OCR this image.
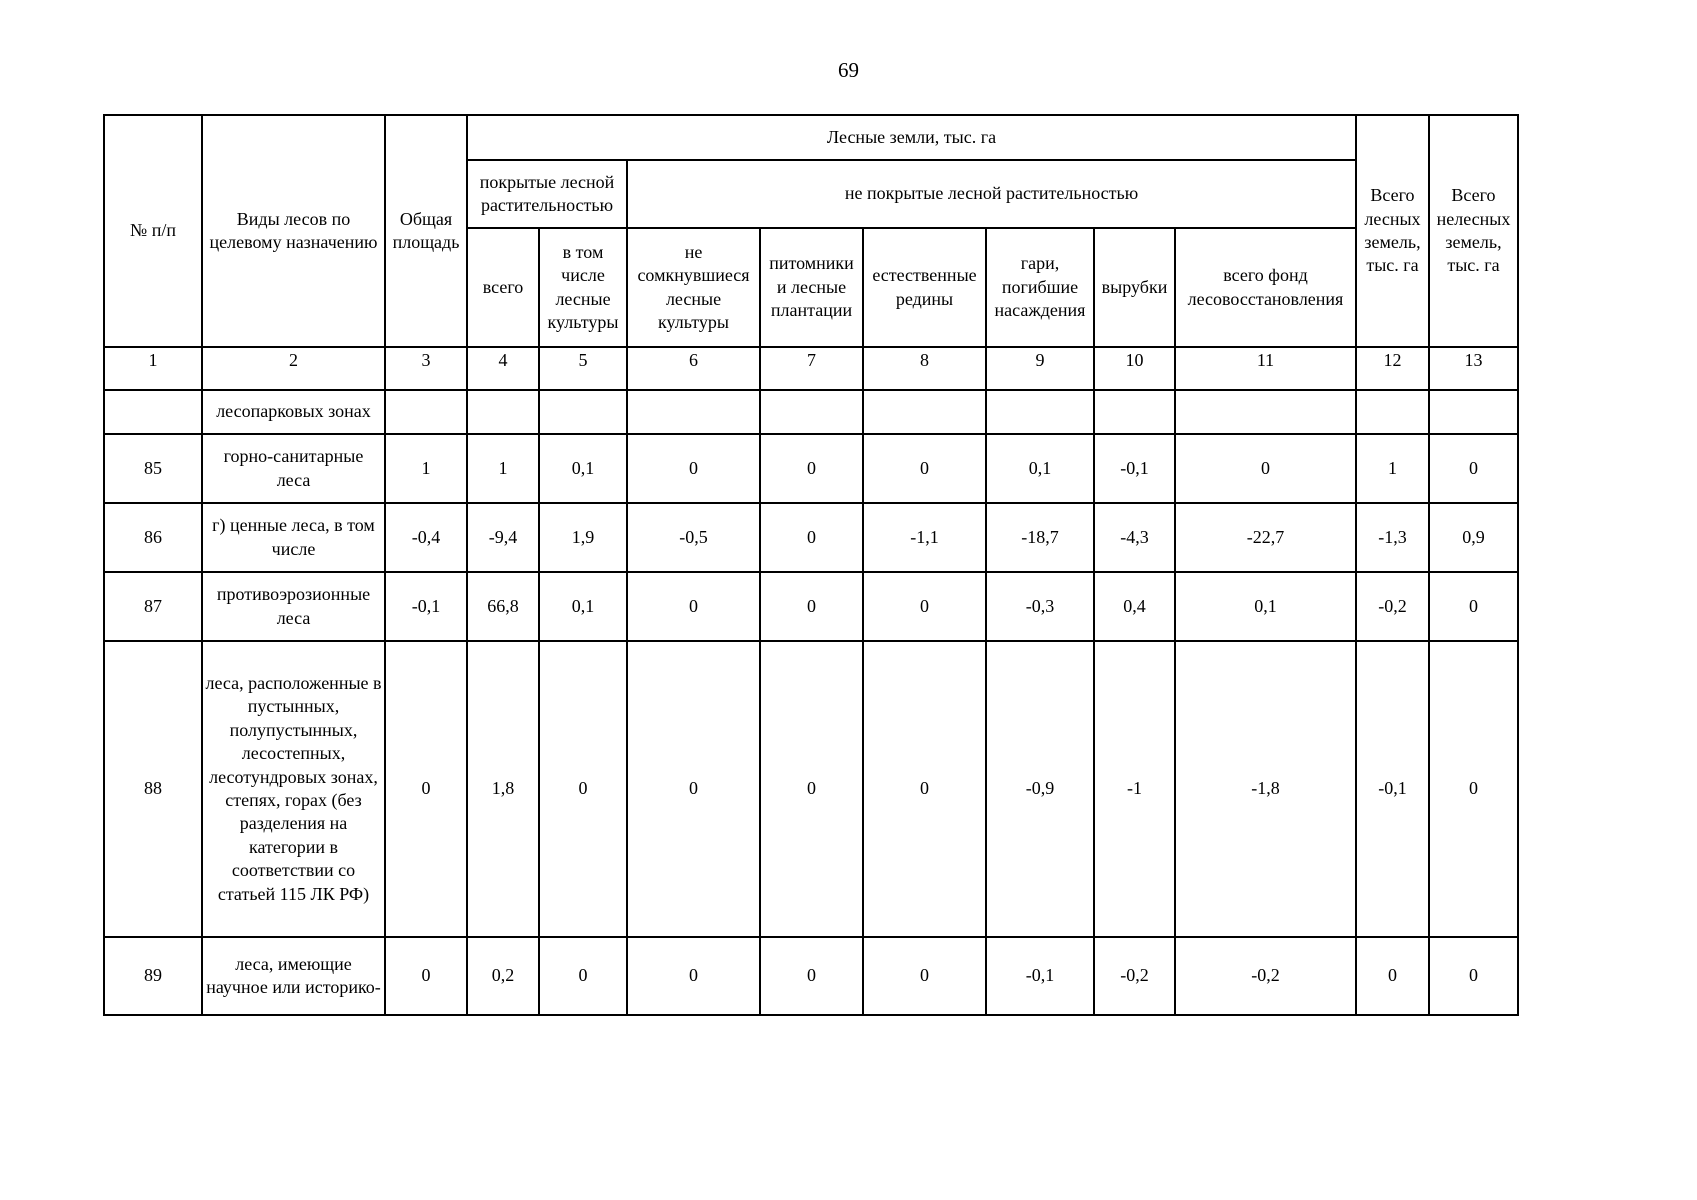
69
№ п/п	Виды лесов по целевому назначению	Общая площадь	Лесные земли, тыс. га								Всего лесных земель, тыс. га	Всего нелесных земель, тыс. га
			покрытые лесной растительностью		не покрытые лесной растительностью							
			всего	в том числе лесные культуры	не сомкнувшиеся лесные культуры	питомники и лесные плантации	естественные редины	гари, погибшие насаждения	вырубки	всего фонд лесовосстановления		
1	2	3	4	5	6	7	8	9	10	11	12	13
	лесопарковых зонах											
85	горно-санитарные леса	1	1	0,1	0	0	0	0,1	-0,1	0	1	0
86	г) ценные леса, в том числе	-0,4	-9,4	1,9	-0,5	0	-1,1	-18,7	-4,3	-22,7	-1,3	0,9
87	противоэрозионные леса	-0,1	66,8	0,1	0	0	0	-0,3	0,4	0,1	-0,2	0
88	леса, расположенные в пустынных, полупустынных, лесостепных, лесотундровых зонах, степях, горах (без разделения на категории в соответствии со статьей 115 ЛК РФ)	0	1,8	0	0	0	0	-0,9	-1	-1,8	-0,1	0
89	леса, имеющие научное или историко-	0	0,2	0	0	0	0	-0,1	-0,2	-0,2	0	0
